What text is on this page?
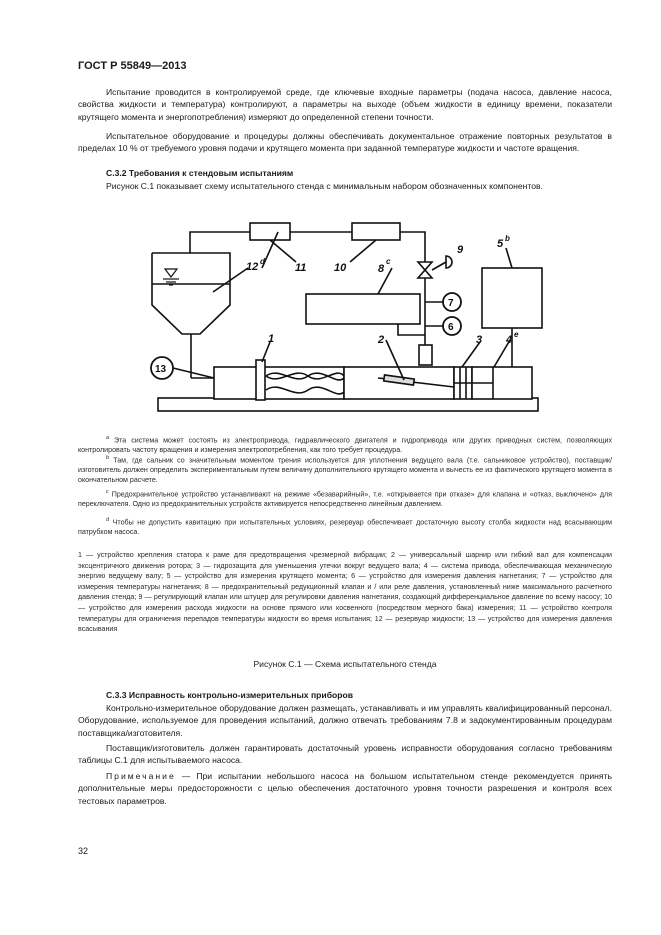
ГОСТ Р 55849—2013

Испытание проводится в контролируемой среде, где ключевые входные параметры (подача насоса, давление насоса, свойства жидкости и температура) контролируют, а параметры на выходе (объем жидкости в единицу времени, показатели крутящего момента и энергопотребления) измеряют до определенной степени точности.

Испытательное оборудование и процедуры должны обеспечивать документальное отражение повторных результатов в пределах 10 % от требуемого уровня подачи и крутящего момента при заданной температуре жидкости и частоте вращения.

С.3.2 Требования к стендовым испытаниям

Рисунок С.1 показывает схему испытательного стенда с минимальным набором обозначенных компонентов.

7
6
13
11	10	8
c
12 d
9	5 b
1	2	3 4 e

$^a$ Эта система может состоять из электропривода, гидравлического двигателя и гидропривода или других приводных систем, позволяющих контролировать частоту вращения и измерения электропотребления, как того требует процедура.

$^b$ Там, где сальник со значительным моментом трения используется для уплотнения ведущего вала (т.е. сальниковое устройство), поставщик/изготовитель должен определить экспериментальным путем величину дополнительного крутящего момента и вычесть ее из фактического крутящего момента в окончательном расчете.

$^c$ Предохранительное устройство устанавливают на режиме «безаварийный», т.е. «открывается при отказе» для клапана и «отказ, выключено» для переключателя. Одно из предохранительных устройств активируется непосредственно линейным давлением.

$^d$ Чтобы не допустить кавитацию при испытательных условиях, резервуар обеспечивает достаточную высоту столба жидкости над всасывающим патрубком насоса.

1 — устройство крепления статора к раме для предотвращения чрезмерной вибрации; 2 — универсальный шарнир или гибкий вал для компенсации эксцентричного движения ротора; 3 — гидрозащита для уменьшения утечки вокруг ведущего вала; 4 — система привода, обеспечивающая механическую энергию ведущему валу; 5 — устройство для измерения крутящего момента; 6 — устройство для измерения давления нагнетания; 7 — устройство для измерения температуры нагнетания; 8 — предохранительный редукционный клапан и / или реле давления, установленный ниже максимального расчетного давления стенда; 9 — регулирующий клапан или штуцер для регулировки давления нагнетания, создающий дифференциальное давление по всему насосу; 10 — устройство для измерения расхода жидкости на основе прямого или косвенного (посредством мерного бака) измерения; 11 — устройство контроля температуры для ограничения перепадов температуры жидкости во время испытания; 12 — резервуар жидкости; 13 — устройство для измерения давления всасывания

Рисунок С.1 — Схема испытательного стенда
С.3.3 Исправность контрольно-измерительных приборов

Контрольно-измерительное оборудование должен размещать, устанавливать и им управлять квалифицированный персонал. Оборудование, используемое для проведения испытаний, должно отвечать требованиям 7.8 и задокументированным процедурам поставщика/изготовителя.

Поставщик/изготовитель должен гарантировать достаточный уровень исправности оборудования согласно требованиям таблицы С.1 для испытываемого насоса.

Примечание — При испытании небольшого насоса на большом испытательном стенде рекомендуется принять дополнительные меры предосторожности с целью обеспечения достаточного уровня точности разрешения и контроля всех тестовых параметров.

32
